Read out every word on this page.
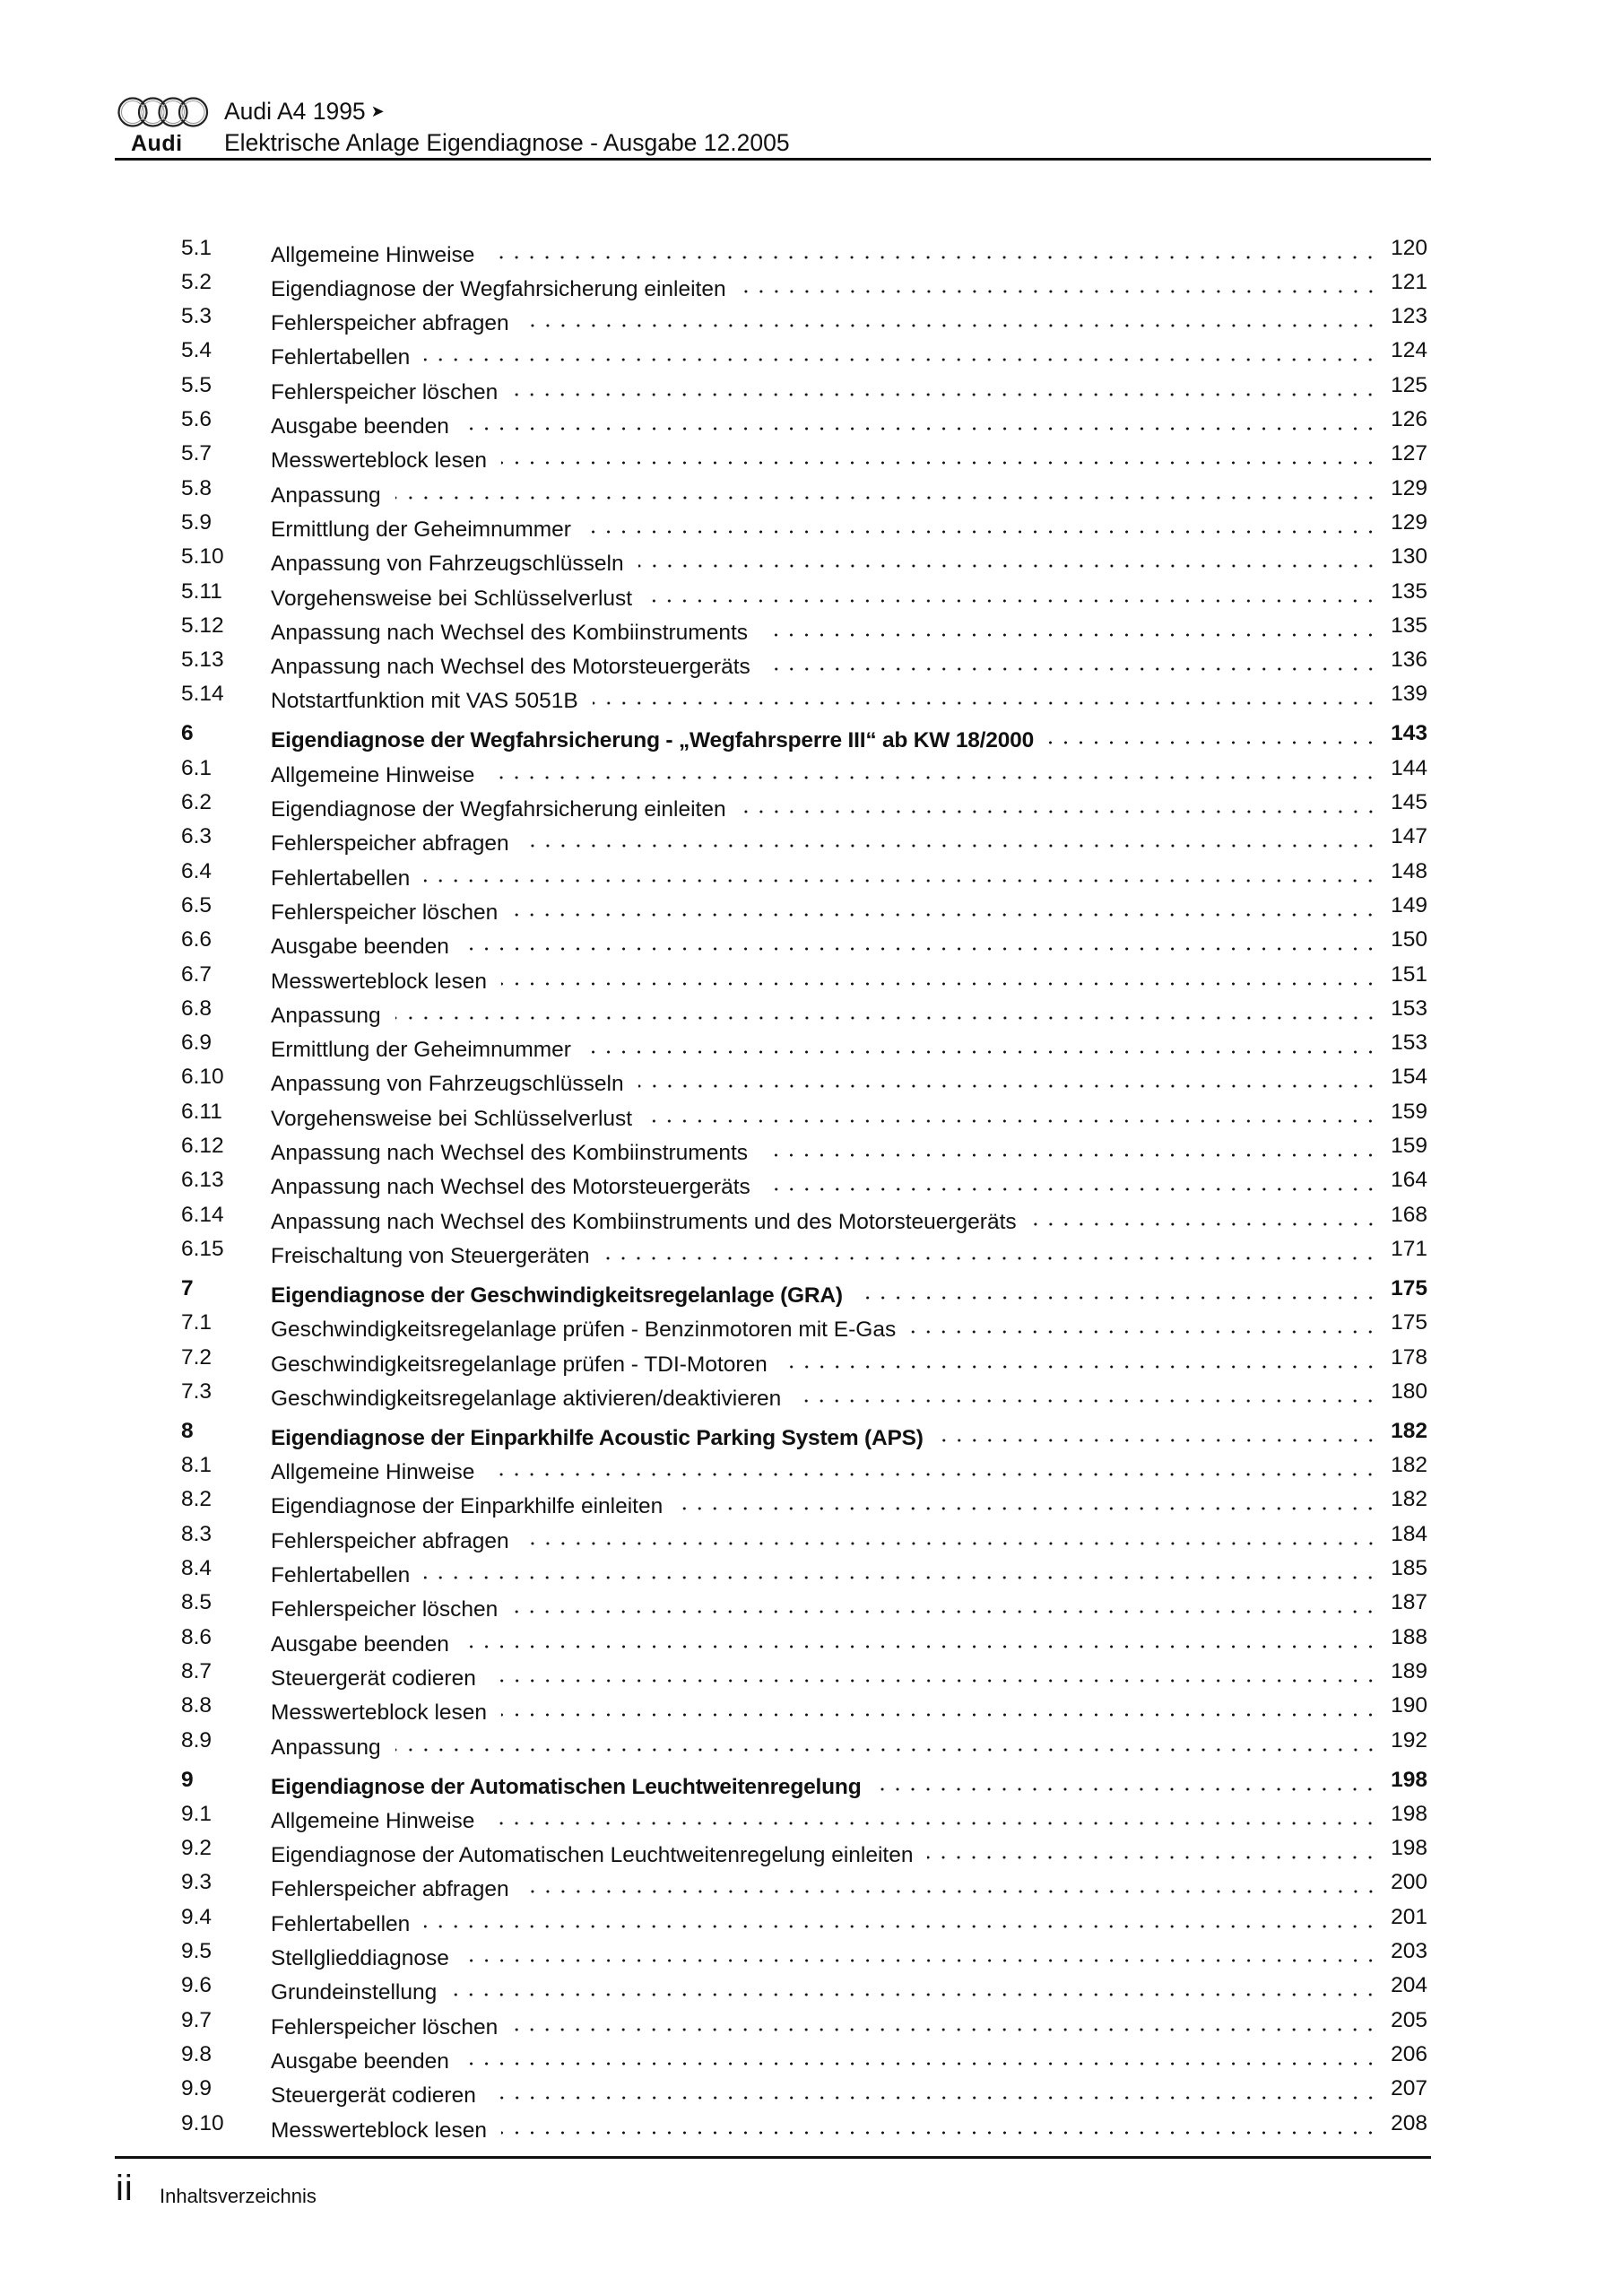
Audi
Audi A4 1995 ➤
Elektrische Anlage Eigendiagnose - Ausgabe 12.2005
5.1	Allgemeine Hinweise	120
5.2	Eigendiagnose der Wegfahrsicherung einleiten	121
5.3	Fehlerspeicher abfragen	123
5.4	Fehlertabellen	124
5.5	Fehlerspeicher löschen	125
5.6	Ausgabe beenden	126
5.7	Messwerteblock lesen	127
5.8	Anpassung	129
5.9	Ermittlung der Geheimnummer	129
5.10 Anpassung von Fahrzeugschlüsseln	130
5.11 Vorgehensweise bei Schlüsselverlust	135
5.12 Anpassung nach Wechsel des Kombiinstruments	135
5.13 Anpassung nach Wechsel des Motorsteuergeräts	136
5.14 Notstartfunktion mit VAS 5051B	139
6	Eigendiagnose der Wegfahrsicherung - „Wegfahrsperre III“ ab KW 18/2000	143
6.1	Allgemeine Hinweise	144
6.2	Eigendiagnose der Wegfahrsicherung einleiten	145
6.3	Fehlerspeicher abfragen	147
6.4	Fehlertabellen	148
6.5	Fehlerspeicher löschen	149
6.6	Ausgabe beenden	150
6.7	Messwerteblock lesen	151
6.8	Anpassung	153
6.9	Ermittlung der Geheimnummer	153
6.10 Anpassung von Fahrzeugschlüsseln	154
6.11 Vorgehensweise bei Schlüsselverlust	159
6.12 Anpassung nach Wechsel des Kombiinstruments	159
6.13 Anpassung nach Wechsel des Motorsteuergeräts	164
6.14 Anpassung nach Wechsel des Kombiinstruments und des Motorsteuergeräts	168
6.15 Freischaltung von Steuergeräten	171
7	Eigendiagnose der Geschwindigkeitsregelanlage (GRA)	175
7.1	Geschwindigkeitsregelanlage prüfen - Benzinmotoren mit E-Gas	175
7.2	Geschwindigkeitsregelanlage prüfen - TDI-Motoren	178
7.3	Geschwindigkeitsregelanlage aktivieren/deaktivieren	180
8	Eigendiagnose der Einparkhilfe Acoustic Parking System (APS)	182
8.1	Allgemeine Hinweise	182
8.2	Eigendiagnose der Einparkhilfe einleiten	182
8.3	Fehlerspeicher abfragen	184
8.4	Fehlertabellen	185
8.5	Fehlerspeicher löschen	187
8.6	Ausgabe beenden	188
8.7	Steuergerät codieren	189
8.8	Messwerteblock lesen	190
8.9	Anpassung	192
9	Eigendiagnose der Automatischen Leuchtweitenregelung	198
9.1	Allgemeine Hinweise	198
9.2	Eigendiagnose der Automatischen Leuchtweitenregelung einleiten	198
9.3	Fehlerspeicher abfragen	200
9.4	Fehlertabellen	201
9.5	Stellglieddiagnose	203
9.6	Grundeinstellung	204
9.7	Fehlerspeicher löschen	205
9.8	Ausgabe beenden	206
9.9	Steuergerät codieren	207
9.10 Messwerteblock lesen	208
ii Inhaltsverzeichnis
